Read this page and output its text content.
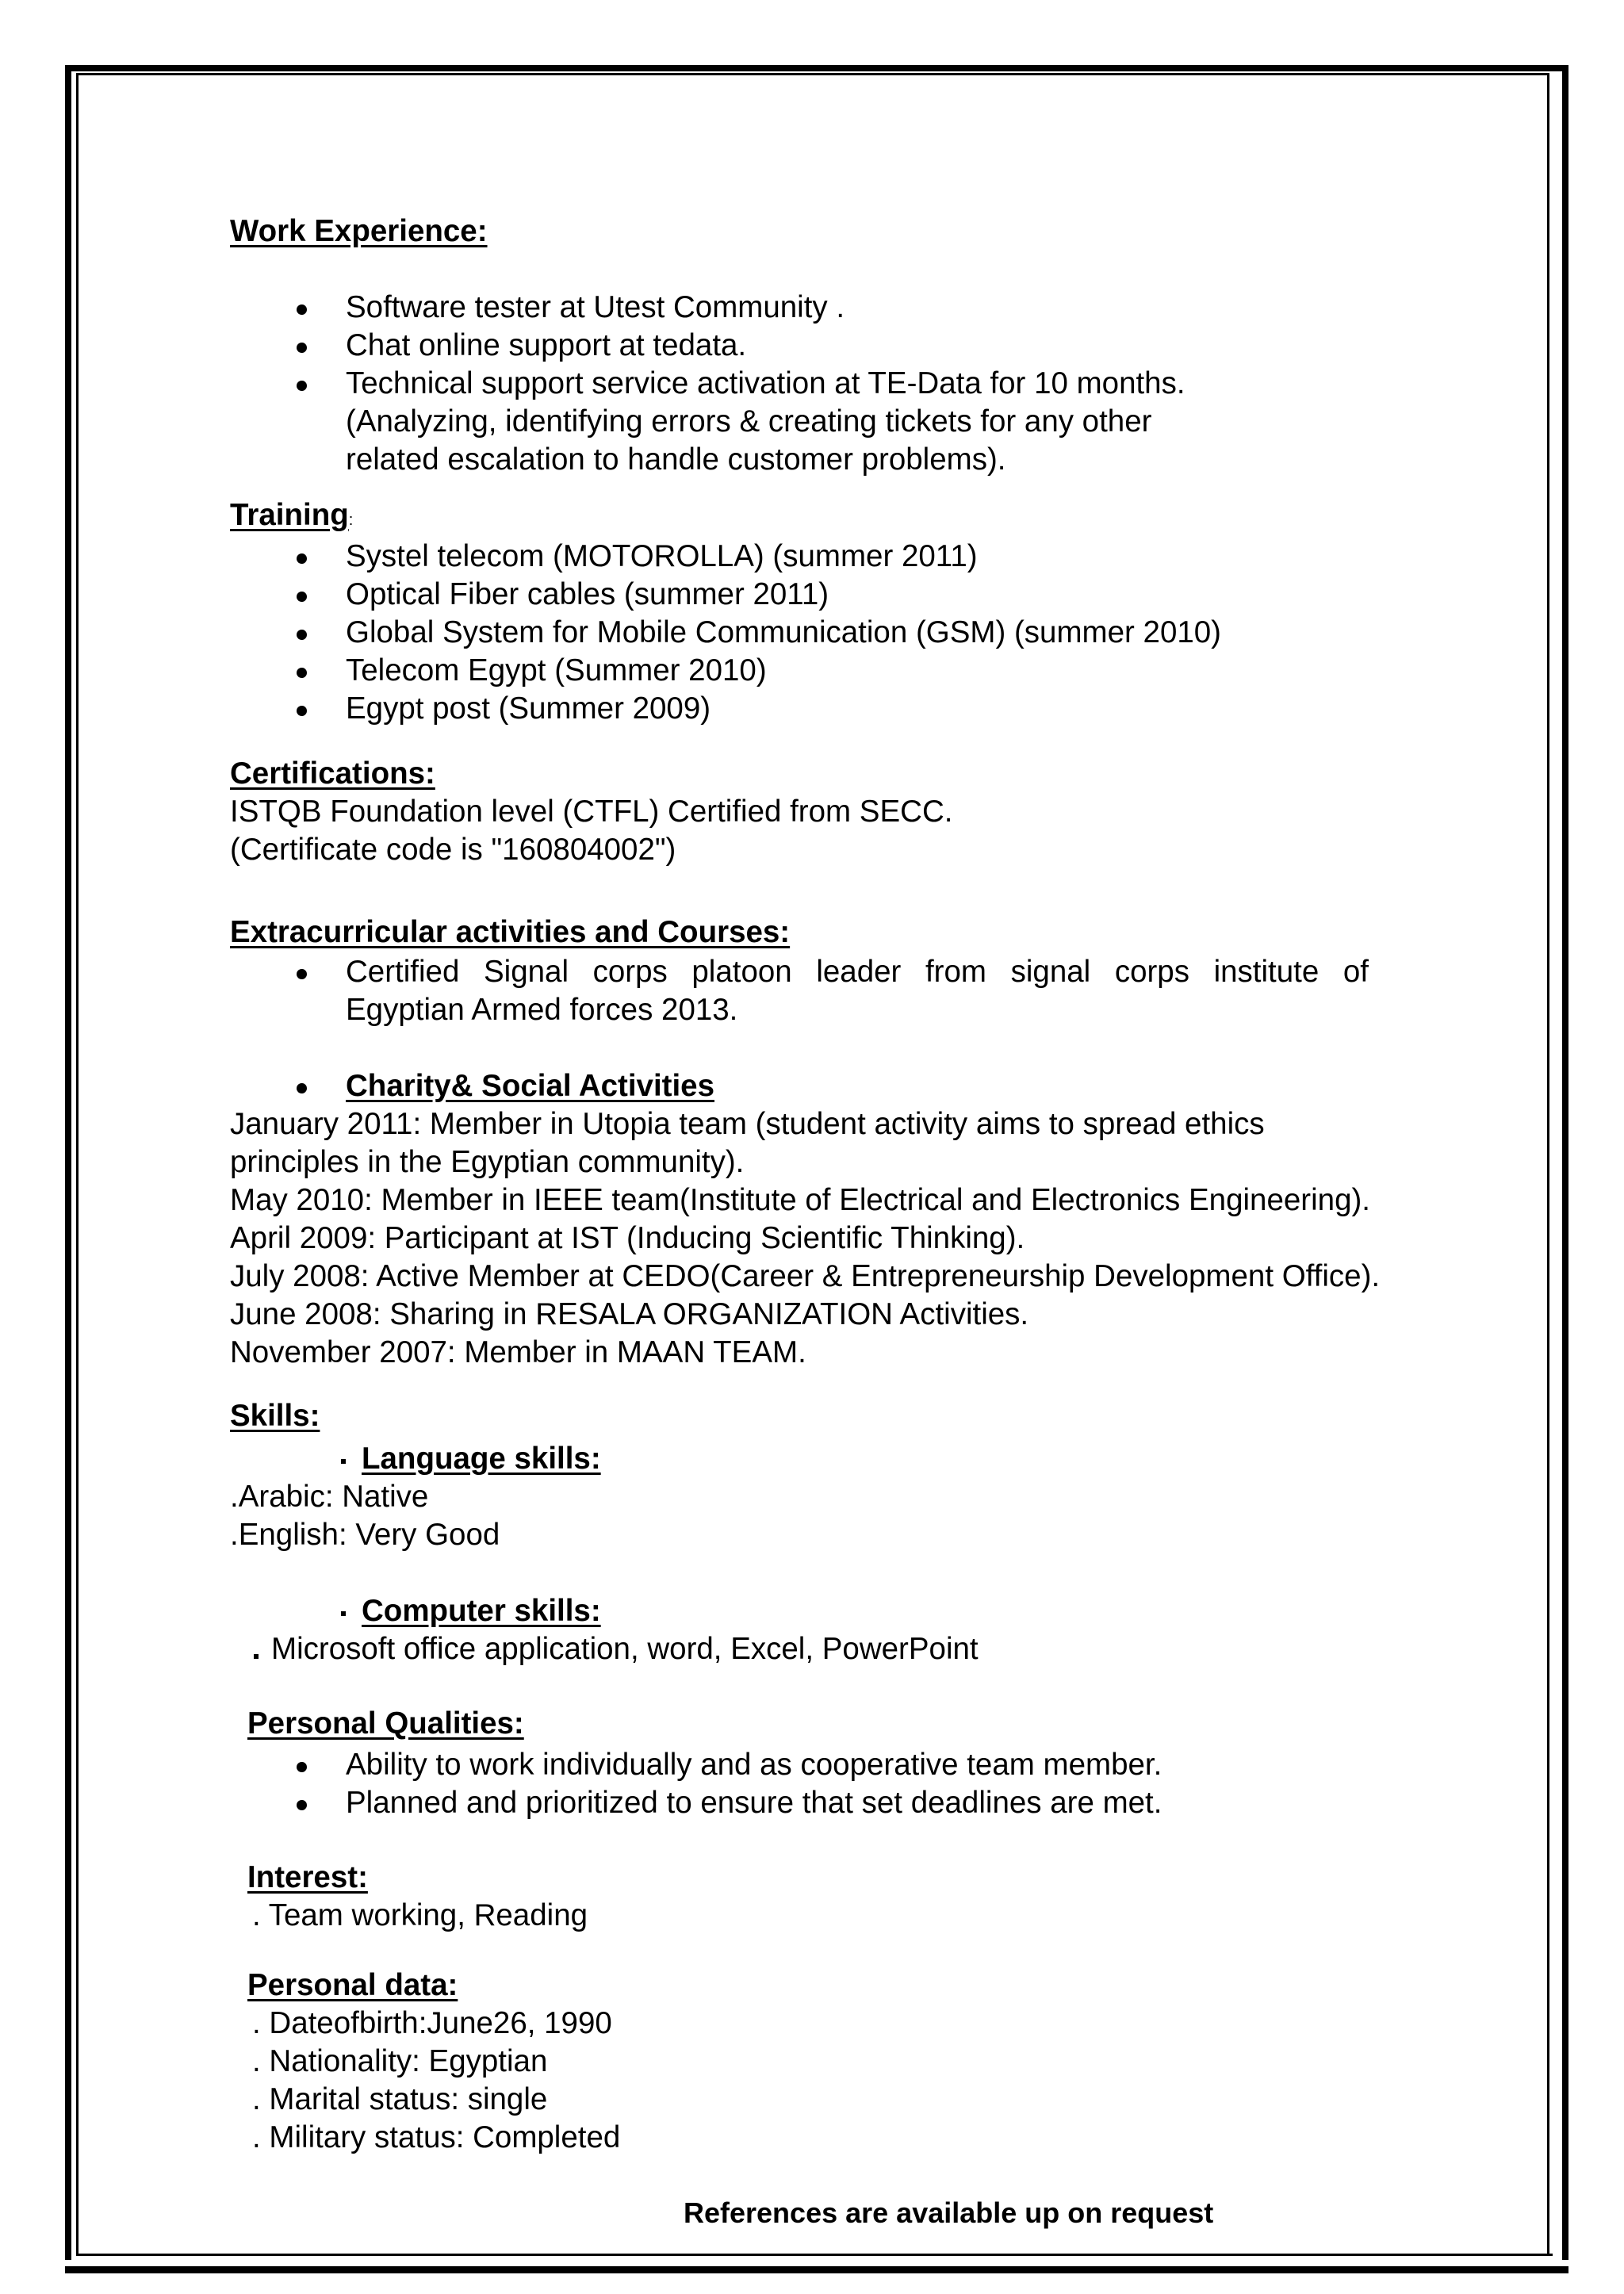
Work Experience:
Software tester at Utest Community .
Chat online support at tedata.
Technical support service activation at TE-Data for 10 months.
(Analyzing, identifying errors & creating tickets for any other
related escalation to handle customer problems).
Training:
Systel telecom (MOTOROLLA) (summer 2011)
Optical Fiber cables (summer 2011)
Global System for Mobile Communication (GSM) (summer 2010)
Telecom Egypt (Summer 2010)
Egypt post (Summer 2009)
Certifications:
ISTQB Foundation level (CTFL) Certified from SECC.
(Certificate code is "160804002")
Extracurricular activities and Courses:
Certified Signal corps platoon leader from signal corps institute of
Egyptian Armed forces 2013.
Charity& Social Activities
January 2011: Member in Utopia team (student activity aims to spread ethics
principles in the Egyptian community).
May 2010: Member in IEEE team(Institute of Electrical and Electronics Engineering).
April 2009: Participant at IST (Inducing Scientific Thinking).
July 2008: Active Member at CEDO(Career & Entrepreneurship Development Office).
June 2008: Sharing in RESALA ORGANIZATION Activities.
November 2007: Member in MAAN TEAM.
Skills:
Language skills:
.Arabic: Native
.English: Very Good
Computer skills:
Microsoft office application, word, Excel, PowerPoint
Personal Qualities:
Ability to work individually and as cooperative team member.
Planned and prioritized to ensure that set deadlines are met.
Interest:
. Team working, Reading
Personal data:
. Dateofbirth:June26, 1990
. Nationality: Egyptian
. Marital status: single
. Military status: Completed
References are available up on request
